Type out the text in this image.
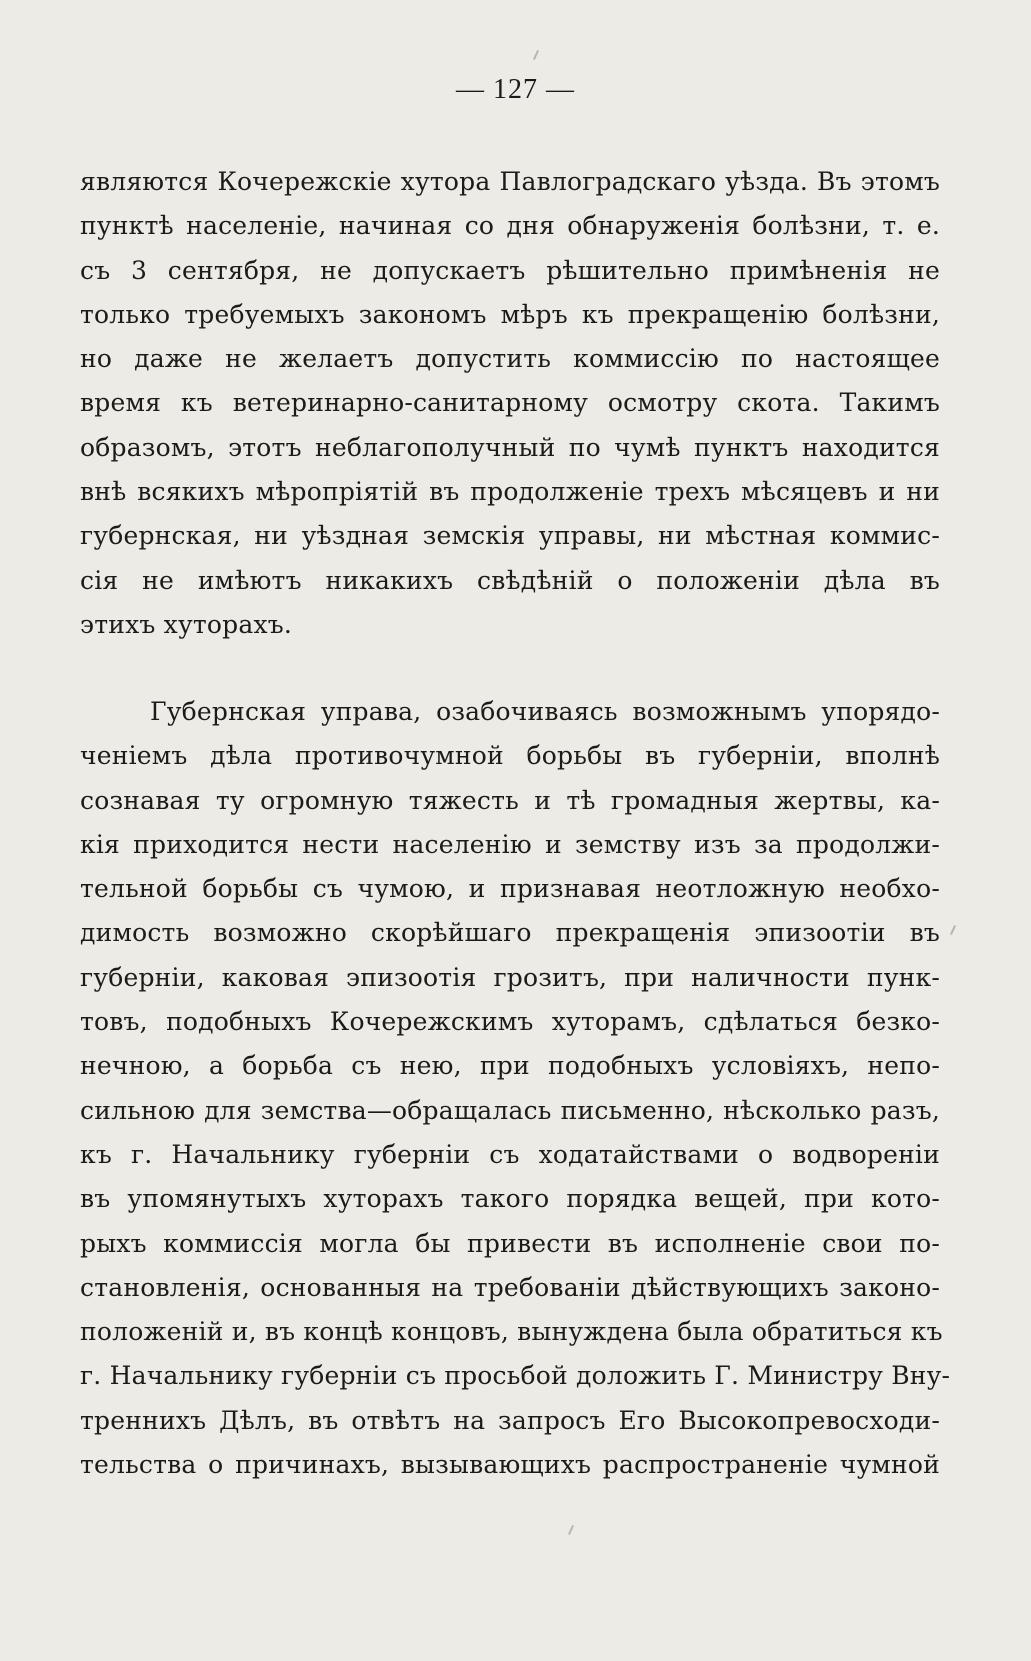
— 127 —
являются Кочережскіе хутора Павлоградскаго уѣзда. Въ этомъ
пунктѣ населеніе, начиная со дня обнаруженія болѣзни, т. е.
съ 3 сентября, не допускаетъ рѣшительно примѣненія не
только требуемыхъ закономъ мѣръ къ прекращенію болѣзни,
но даже не желаетъ допустить коммиссію по настоящее
время къ ветеринарно-санитарному осмотру скота. Такимъ
образомъ, этотъ неблагополучный по чумѣ пунктъ находится
внѣ всякихъ мѣропріятій въ продолженіе трехъ мѣсяцевъ и ни
губернская, ни уѣздная земскія управы, ни мѣстная коммис-
сія не имѣютъ никакихъ свѣдѣній о положеніи дѣла въ
этихъ хуторахъ.
Губернская управа, озабочиваясь возможнымъ упорядо-
ченіемъ дѣла противочумной борьбы въ губерніи, вполнѣ
сознавая ту огромную тяжесть и тѣ громадныя жертвы, ка-
кія приходится нести населенію и земству изъ за продолжи-
тельной борьбы съ чумою, и признавая неотложную необхо-
димость возможно скорѣйшаго прекращенія эпизоотіи въ
губерніи, каковая эпизоотія грозитъ, при наличности пунк-
товъ, подобныхъ Кочережскимъ хуторамъ, сдѣлаться безко-
нечною, а борьба съ нею, при подобныхъ условіяхъ, непо-
сильною для земства—обращалась письменно, нѣсколько разъ,
къ г. Начальнику губерніи съ ходатайствами о водвореніи
въ упомянутыхъ хуторахъ такого порядка вещей, при кото-
рыхъ коммиссія могла бы привести въ исполненіе свои по-
становленія, основанныя на требованіи дѣйствующихъ законо-
положеній и, въ концѣ концовъ, вынуждена была обратиться къ
г. Начальнику губерніи съ просьбой доложить Г. Министру Вну-
треннихъ Дѣлъ, въ отвѣтъ на запросъ Его Высокопревосходи-
тельства о причинахъ, вызывающихъ распространеніе чумной
